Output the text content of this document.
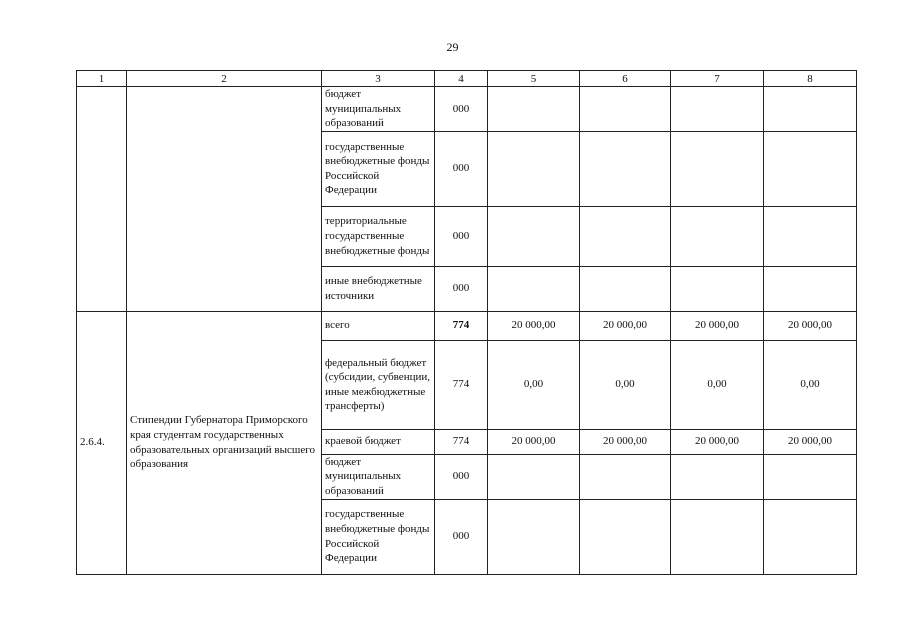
29
1	2	3	4	5	6	7	8
		бюджет муниципальных образований	000				
		государственные внебюджетные фонды Российской Федерации	000				
		территориальные государственные внебюджетные фонды	000				
		иные внебюджетные источники	000				
2.6.4.	Стипендии Губернатора Приморского края студентам государственных образовательных организаций высшего образования	всего	774	20 000,00	20 000,00	20 000,00	20 000,00
		федеральный бюджет (субсидии, субвенции, иные межбюджетные трансферты)	774	0,00	0,00	0,00	0,00
		краевой бюджет	774	20 000,00	20 000,00	20 000,00	20 000,00
		бюджет муниципальных образований	000				
		государственные внебюджетные фонды Российской Федерации	000				
